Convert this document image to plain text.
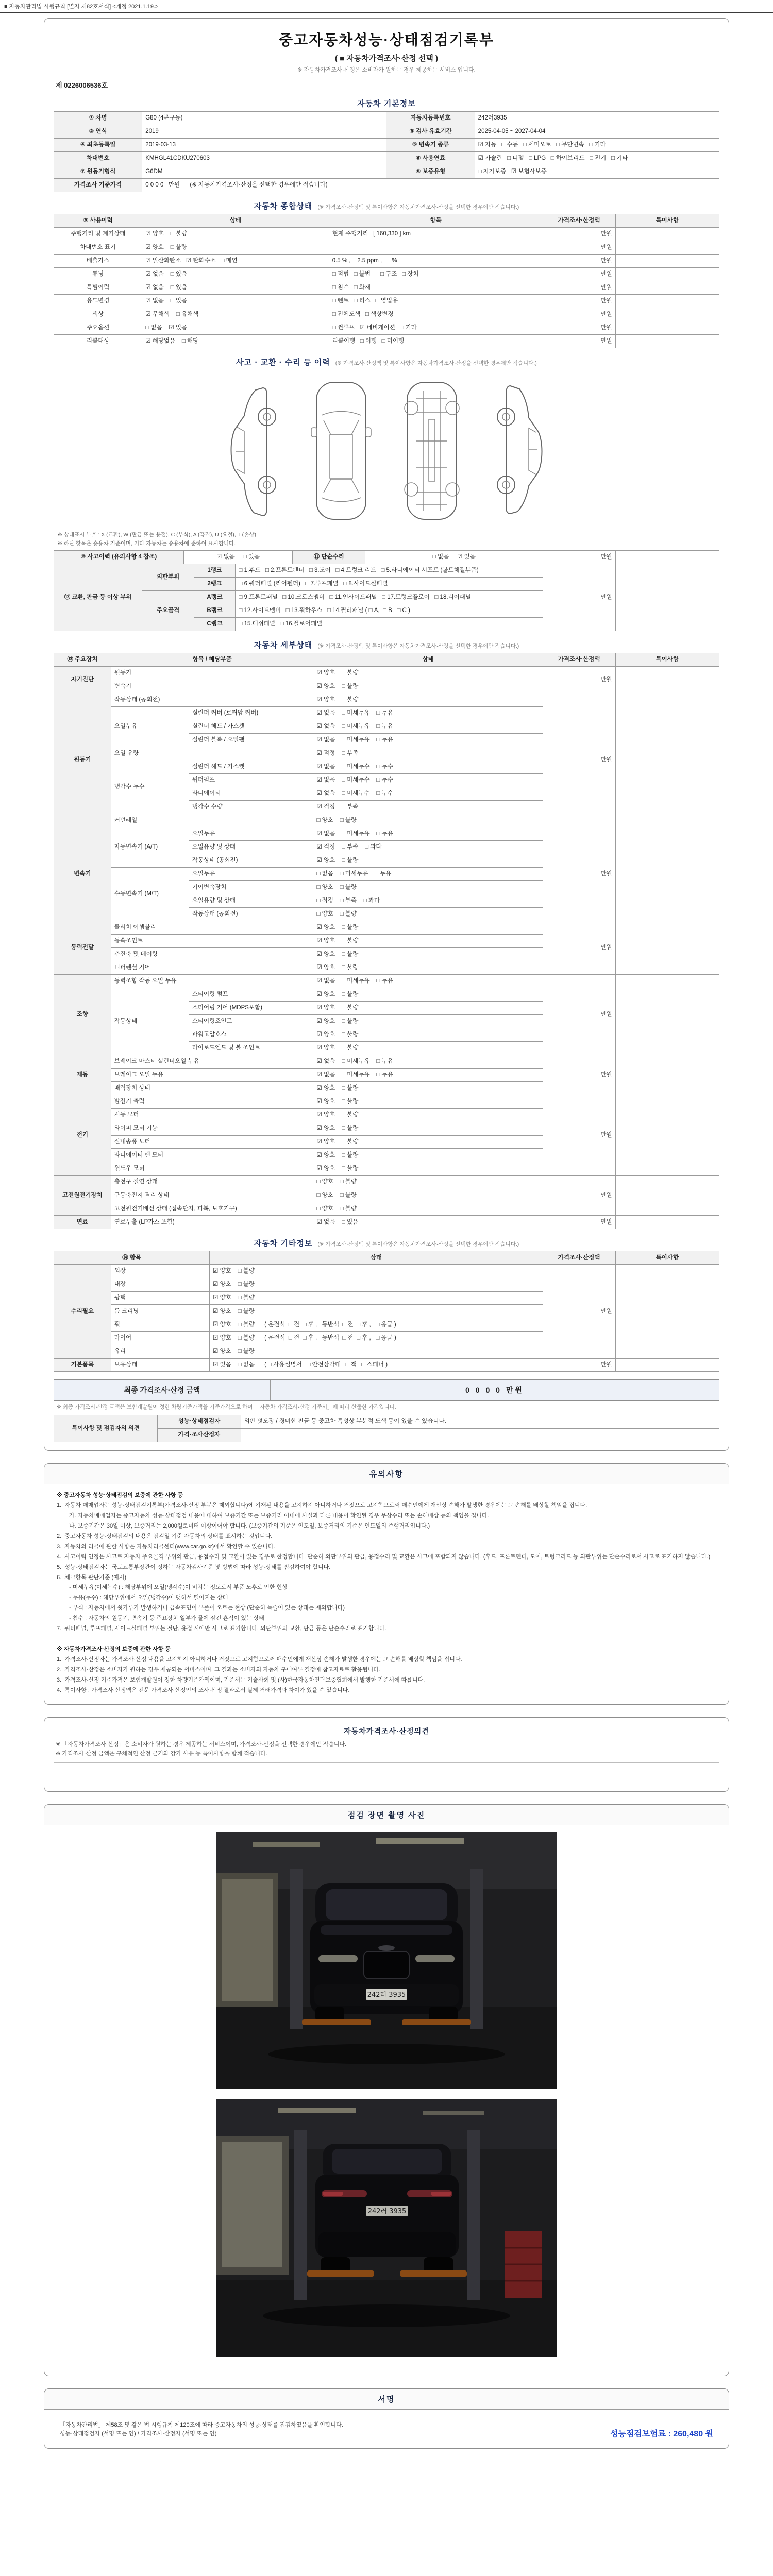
■ 자동차관리법 시행규칙 [별지 제82호서식] <개정 2021.1.19.>
중고자동차성능·상태점검기록부
( ■ 자동차가격조사·산정 선택 )
※ 자동차가격조사·산정은 소비자가 원하는 경우 제공하는 서비스 입니다.
제 0226006536호
자동차 기본정보
① 차명	G80 (4륜구동)	자동차등록번호	242러3935
② 연식	2019	③ 검사 유효기간	2025-04-05 ~ 2027-04-04
④ 최초등록일	2019-03-13	⑤ 변속기 종류	☑ 자동   □ 수동   □ 세미오토   □ 무단변속   □ 기타
차대번호	KMHGL41CDKU270603	⑥ 사용연료	☑ 가솔린   □ 디젤   □ LPG   □ 하이브리드   □ 전기   □ 기타
⑦ 원동기형식	G6DM	⑧ 보증유형	□ 자가보증   ☑ 보험사보증
가격조사 기준가격	0 0 0 0   만원      (※ 자동차가격조사·산정을 선택한 경우에만 적습니다)		
자동차 종합상태 (※ 가격조사·산정액 및 특이사항은 자동차가격조사·산정을 선택한 경우에만 적습니다.)
⑨ 사용이력	상태	항목	가격조사·산정액	특이사항
주행거리 및 계기상태	☑ 양호    □ 불량	현재 주행거리   [ 160,330 ] km	만원	
차대번호 표기	☑ 양호    □ 불량		만원	
배출가스	☑ 일산화탄소   ☑ 탄화수소   □ 매연	0.5 % ,    2.5 ppm ,      %	만원	
튜닝	☑ 없음    □ 있음	□ 적법   □ 불법      □ 구조   □ 장치	만원	
특별이력	☑ 없음    □ 있음	□ 침수   □ 화재	만원	
용도변경	☑ 없음    □ 있음	□ 렌트   □ 리스   □ 영업용	만원	
색상	☑ 무채색    □ 유채색	□ 전체도색   □ 색상변경	만원	
주요옵션	□ 없음    ☑ 있음	□ 썬루프   ☑ 네비게이션   □ 기타	만원	
리콜대상	☑ 해당없음    □ 해당	리콜이행   □ 이행   □ 미이행	만원	
사고 · 교환 · 수리 등 이력 (※ 가격조사·산정액 및 특이사항은 자동차가격조사·산정을 선택한 경우에만 적습니다.)

※ 상태표시 부호 : X (교환), W (판금 또는 용접), C (부식), A (흠집), U (요철), T (손상)

※ 하단 항목은 승용차 기준이며, 기타 자동차는 승용차에 준하여 표시합니다.

⑩ 사고이력 (유의사항 4 참조)	☑ 없음     □ 있음	⑪ 단순수리	□ 없음     ☑ 있음	만원	
⑫ 교환, 판금 등 이상 부위	외판부위	1랭크	□ 1.후드   □ 2.프론트펜더   □ 3.도어   □ 4.트렁크 리드   □ 5.라디에이터 서포트 (볼트체결부품)	만원	
		2랭크	□ 6.쿼터패널 (리어펜더)   □ 7.루프패널   □ 8.사이드실패널		
	주요골격	A랭크	□ 9.프론트패널   □ 10.크로스멤버   □ 11.인사이드패널   □ 17.트렁크플로어   □ 18.리어패널		
		B랭크	□ 12.사이드멤버   □ 13.휠하우스   □ 14.필러패널 ( □ A,  □ B,  □ C )		
		C랭크	□ 15.대쉬패널   □ 16.플로어패널		
자동차 세부상태 (※ 가격조사·산정액 및 특이사항은 자동차가격조사·산정을 선택한 경우에만 적습니다.)
⑬ 주요장치	항목 / 해당부품		상태	가격조사·산정액	특이사항
자기진단	원동기		☑ 양호    □ 불량	만원	
	변속기		☑ 양호    □ 불량		
원동기	작동상태 (공회전)		☑ 양호    □ 불량	만원	
	오일누유	실린더 커버 (로커암 커버)	☑ 없음    □ 미세누유    □ 누유		
		실린더 헤드 / 가스켓	☑ 없음    □ 미세누유    □ 누유		
		실린더 블록 / 오일팬	☑ 없음    □ 미세누유    □ 누유		
	오일 유량		☑ 적정    □ 부족		
	냉각수 누수	실린더 헤드 / 가스켓	☑ 없음    □ 미세누수    □ 누수		
		워터펌프	☑ 없음    □ 미세누수    □ 누수		
		라디에이터	☑ 없음    □ 미세누수    □ 누수		
		냉각수 수량	☑ 적정    □ 부족		
	커먼레일		□ 양호    □ 불량		
변속기	자동변속기 (A/T)	오일누유	☑ 없음    □ 미세누유    □ 누유	만원	
		오일유량 및 상태	☑ 적정    □ 부족    □ 과다		
		작동상태 (공회전)	☑ 양호    □ 불량		
	수동변속기 (M/T)	오일누유	□ 없음    □ 미세누유    □ 누유		
		기어변속장치	□ 양호    □ 불량		
		오일유량 및 상태	□ 적정    □ 부족    □ 과다		
		작동상태 (공회전)	□ 양호    □ 불량		
동력전달	클러치 어셈블리		☑ 양호    □ 불량	만원	
	등속조인트		☑ 양호    □ 불량		
	추진축 및 베어링		☑ 양호    □ 불량		
	디퍼렌셜 기어		☑ 양호    □ 불량		
조향	동력조향 작동 오일 누유		☑ 없음    □ 미세누유    □ 누유	만원	
	작동상태	스티어링 펌프	☑ 양호    □ 불량		
		스티어링 기어 (MDPS포함)	☑ 양호    □ 불량		
		스티어링조인트	☑ 양호    □ 불량		
		파워고압호스	☑ 양호    □ 불량		
		타이로드엔드 및 볼 조인트	☑ 양호    □ 불량		
제동	브레이크 마스터 실린더오일 누유		☑ 없음    □ 미세누유    □ 누유	만원	
	브레이크 오일 누유		☑ 없음    □ 미세누유    □ 누유		
	배력장치 상태		☑ 양호    □ 불량		
전기	발전기 출력		☑ 양호    □ 불량	만원	
	시동 모터		☑ 양호    □ 불량		
	와이퍼 모터 기능		☑ 양호    □ 불량		
	실내송풍 모터		☑ 양호    □ 불량		
	라디에이터 팬 모터		☑ 양호    □ 불량		
	윈도우 모터		☑ 양호    □ 불량		
고전원전기장치	충전구 절연 상태		□ 양호    □ 불량	만원	
	구동축전지 격리 상태		□ 양호    □ 불량		
	고전원전기배선 상태 (접속단자, 피복, 보호기구)		□ 양호    □ 불량		
연료	연료누출 (LP가스 포함)		☑ 없음    □ 있음	만원	
자동차 기타정보 (※ 가격조사·산정액 및 특이사항은 자동차가격조사·산정을 선택한 경우에만 적습니다.)
⑭ 항목		상태	가격조사·산정액	특이사항
수리필요	외장	☑ 양호    □ 불량	만원	
	내장	☑ 양호    □ 불량		
	광택	☑ 양호    □ 불량		
	룸 크리닝	☑ 양호    □ 불량		
	휠	☑ 양호    □ 불량      ( 운전석  □ 전  □ 후 ,   동반석  □ 전  □ 후 ,   □ 응급 )		
	타이어	☑ 양호    □ 불량      ( 운전석  □ 전  □ 후 ,   동반석  □ 전  □ 후 ,   □ 응급 )		
	유리	☑ 양호    □ 불량		
기본품목	보유상태	☑ 있음    □ 없음      ( □ 사용설명서   □ 안전삼각대   □ 잭   □ 스패너 )	만원	
최종 가격조사·산정 금액	0 0 0 0 만원

※ 최종 가격조사·산정 금액은 보험개발원이 정한 차량기준가액을 기준가격으로 하여 「자동차 가격조사·산정 기준서」에 따라 산출한 가격입니다.

특이사항 및 점검자의 의견	성능·상태점검자	외판 덧도장 / 경미한 판금 등 중고차 특성상 부분적 도색 등이 있을 수 있습니다.
	가격·조사산정자	
유의사항
※ 중고자동차 성능·상태점검의 보증에 관한 사항 등
1.  자동차 매매업자는 성능·상태점검기록부(가격조사·산정 부분은 제외합니다)에 기재된 내용을 고지하지 아니하거나 거짓으로 고지함으로써 매수인에게 재산상 손해가 발생한 경우에는 그 손해를 배상할 책임을 집니다.
가. 자동차매매업자는 중고자동차 성능·상태점검 내용에 대하여 보증기간 또는 보증거리 이내에 사실과 다른 내용이 확인된 경우 무상수리 또는 손해배상 등의 책임을 집니다.
나. 보증기간은 30일 이상, 보증거리는 2,000킬로미터 이상이어야 합니다. (보증기간의 기준은 인도일, 보증거리의 기준은 인도일의 주행거리입니다.)
2.  중고자동차 성능·상태점검의 내용은 점검일 기준 자동차의 상태를 표시하는 것입니다.
3.  자동차의 리콜에 관한 사항은 자동차리콜센터(www.car.go.kr)에서 확인할 수 있습니다.
4.  사고이력 인정은 사고로 자동차 주요골격 부위의 판금, 용접수리 및 교환이 있는 경우로 한정합니다. 단순히 외판부위의 판금, 용접수리 및 교환은 사고에 포함되지 않습니다. (후드, 프론트펜더, 도어, 트렁크리드 등 외판부위는 단순수리로서 사고로 표기하지 않습니다.)
5.  성능·상태점검자는 국토교통부장관이 정하는 자동차검사기준 및 방법에 따라 성능·상태를 점검하여야 합니다.
6.  체크항목 판단기준 (예시)
- 미세누유(미세누수) : 해당부위에 오일(냉각수)이 비치는 정도로서 부품 노후로 인한 현상
- 누유(누수) : 해당부위에서 오일(냉각수)이 맺혀서 떨어지는 상태
- 부식 : 자동차에서 쇳가루가 발생하거나 금속표면이 부풀어 오르는 현상 (단순히 녹슬어 있는 상태는 제외합니다)
- 침수 : 자동차의 원동기, 변속기 등 주요장치 일부가 물에 잠긴 흔적이 있는 상태
7.  쿼터패널, 루프패널, 사이드실패널 부위는 절단, 용접 시에만 사고로 표기합니다. 외판부위의 교환, 판금 등은 단순수리로 표기합니다.

※ 자동차가격조사·산정의 보증에 관한 사항 등
1.  가격조사·산정자는 가격조사·산정 내용을 고지하지 아니하거나 거짓으로 고지함으로써 매수인에게 재산상 손해가 발생한 경우에는 그 손해를 배상할 책임을 집니다.
2.  가격조사·산정은 소비자가 원하는 경우 제공되는 서비스이며, 그 결과는 소비자의 자동차 구매여부 결정에 참고자료로 활용됩니다.
3.  가격조사·산정 기준가격은 보험개발원이 정한 차량기준가액이며, 기준서는 기술사회 및 (사)한국자동차진단보증협회에서 발행한 기준서에 따릅니다.
4.  특이사항 : 가격조사·산정액은 전문 가격조사·산정인의 조사·산정 결과로서 실제 거래가격과 차이가 있을 수 있습니다.
자동차가격조사·산정의견

※ 「자동차가격조사·산정」은 소비자가 원하는 경우 제공하는 서비스이며, 가격조사·산정을 선택한 경우에만 적습니다.

※ 가격조사·산정 금액은 구체적인 산정 근거와 감가 사유 등 특이사항을 함께 적습니다.

점검 장면 촬영 사진
242러 3935
242러 3935
서명

「자동차관리법」 제58조 및 같은 법 시행규칙 제120조에 따라 중고자동차의 성능·상태를 점검하였음을 확인합니다.

성능·상태점검자 (서명 또는 인) / 가격조사·산정자 (서명 또는 인)	성능점검보험료 : 260,480 원
